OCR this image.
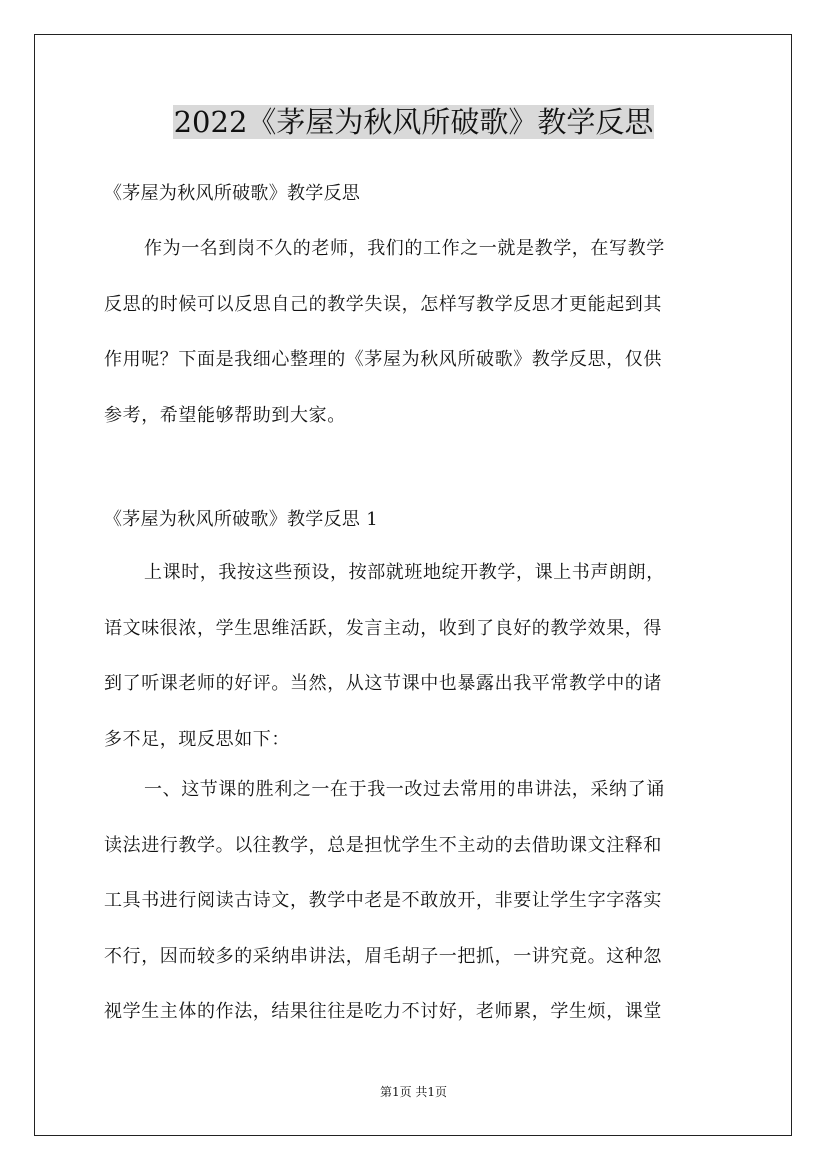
2022《茅屋为秋风所破歌》教学反思
《茅屋为秋风所破歌》教学反思
作为一名到岗不久的老师，我们的工作之一就是教学，在写教学
反思的时候可以反思自己的教学失误，怎样写教学反思才更能起到其
作用呢？下面是我细心整理的《茅屋为秋风所破歌》教学反思，仅供
参考，希望能够帮助到大家。
《茅屋为秋风所破歌》教学反思 1
上课时，我按这些预设，按部就班地绽开教学，课上书声朗朗，
语文味很浓，学生思维活跃，发言主动，收到了良好的教学效果，得
到了听课老师的好评。当然，从这节课中也暴露出我平常教学中的诸
多不足，现反思如下：
一、这节课的胜利之一在于我一改过去常用的串讲法，采纳了诵
读法进行教学。以往教学，总是担忧学生不主动的去借助课文注释和
工具书进行阅读古诗文，教学中老是不敢放开，非要让学生字字落实
不行，因而较多的采纳串讲法，眉毛胡子一把抓，一讲究竟。这种忽
视学生主体的作法，结果往往是吃力不讨好，老师累，学生烦，课堂
第1页 共1页
